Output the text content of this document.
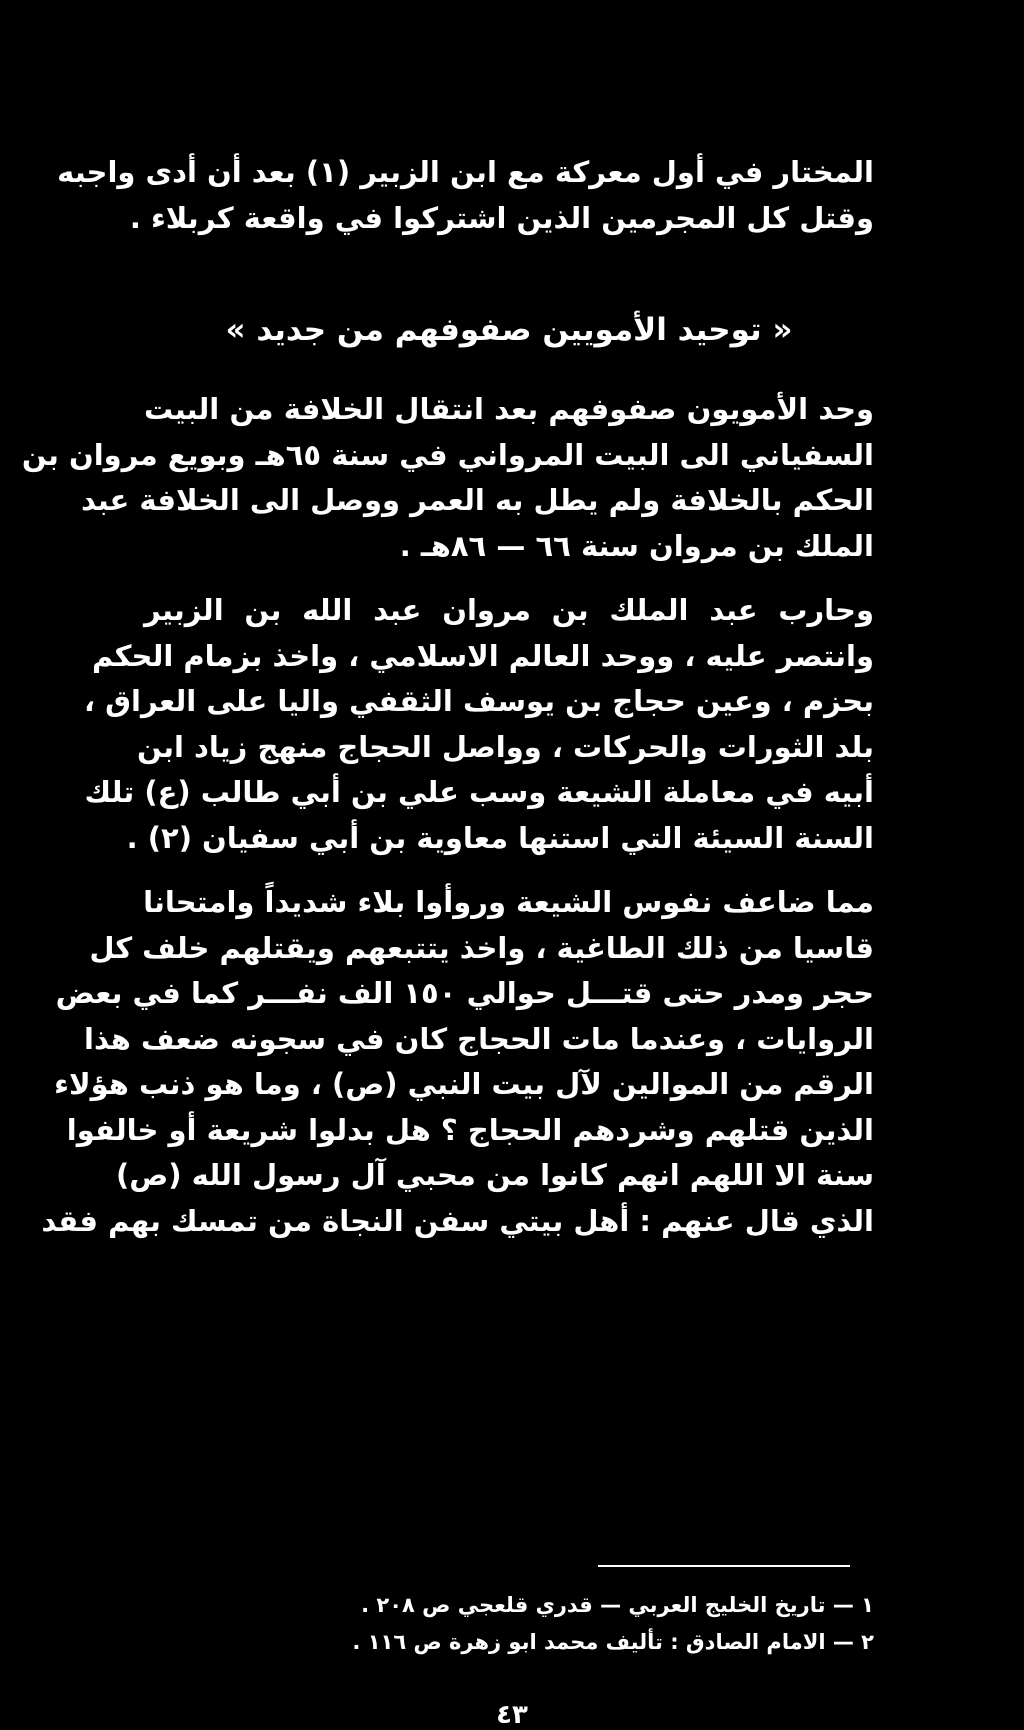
المختار في أول معركة مع ابن الزبير (١) بعد أن أدى واجبه
وقتل كل المجرمين الذين اشتركوا في واقعة كربلاء .

« توحيد الأمويين صفوفهم من جديد »

وحد الأمويون صفوفهم بعد انتقال الخلافة من البيت
السفياني الى البيت المرواني في سنة ٦٥هـ وبويع مروان بن
الحكم بالخلافة ولم يطل به العمر ووصل الى الخلافة عبد
الملك بن مروان سنة ٦٦ — ٨٦هـ .

وحارب عبد الملك بن مروان عبد الله بن الزبير
وانتصر عليه ، ووحد العالم الاسلامي ، واخذ بزمام الحكم
بحزم ، وعين حجاج بن يوسف الثقفي واليا على العراق ،
بلد الثورات والحركات ، وواصل الحجاج منهج زياد ابن
أبيه في معاملة الشيعة وسب علي بن أبي طالب (ع) تلك
السنة السيئة التي استنها معاوية بن أبي سفيان (٢) .

مما ضاعف نفوس الشيعة وروأوا بلاء شديداً وامتحانا
قاسيا من ذلك الطاغية ، واخذ يتتبعهم ويقتلهم خلف كل
حجر ومدر حتى قتـــل حوالي ١٥٠ الف نفـــر كما في بعض
الروايات ، وعندما مات الحجاج كان في سجونه ضعف هذا
الرقم من الموالين لآل بيت النبي (ص) ، وما هو ذنب هؤلاء
الذين قتلهم وشردهم الحجاج ؟ هل بدلوا شريعة أو خالفوا
سنة الا اللهم انهم كانوا من محبي آل رسول الله (ص)
الذي قال عنهم : أهل بيتي سفن النجاة من تمسك بهم فقد

١ — تاريخ الخليج العربي — قدري قلعجي ص ٢٠٨ .
٢ — الامام الصادق : تأليف محمد ابو زهرة ص ١١٦ .
٤٣
